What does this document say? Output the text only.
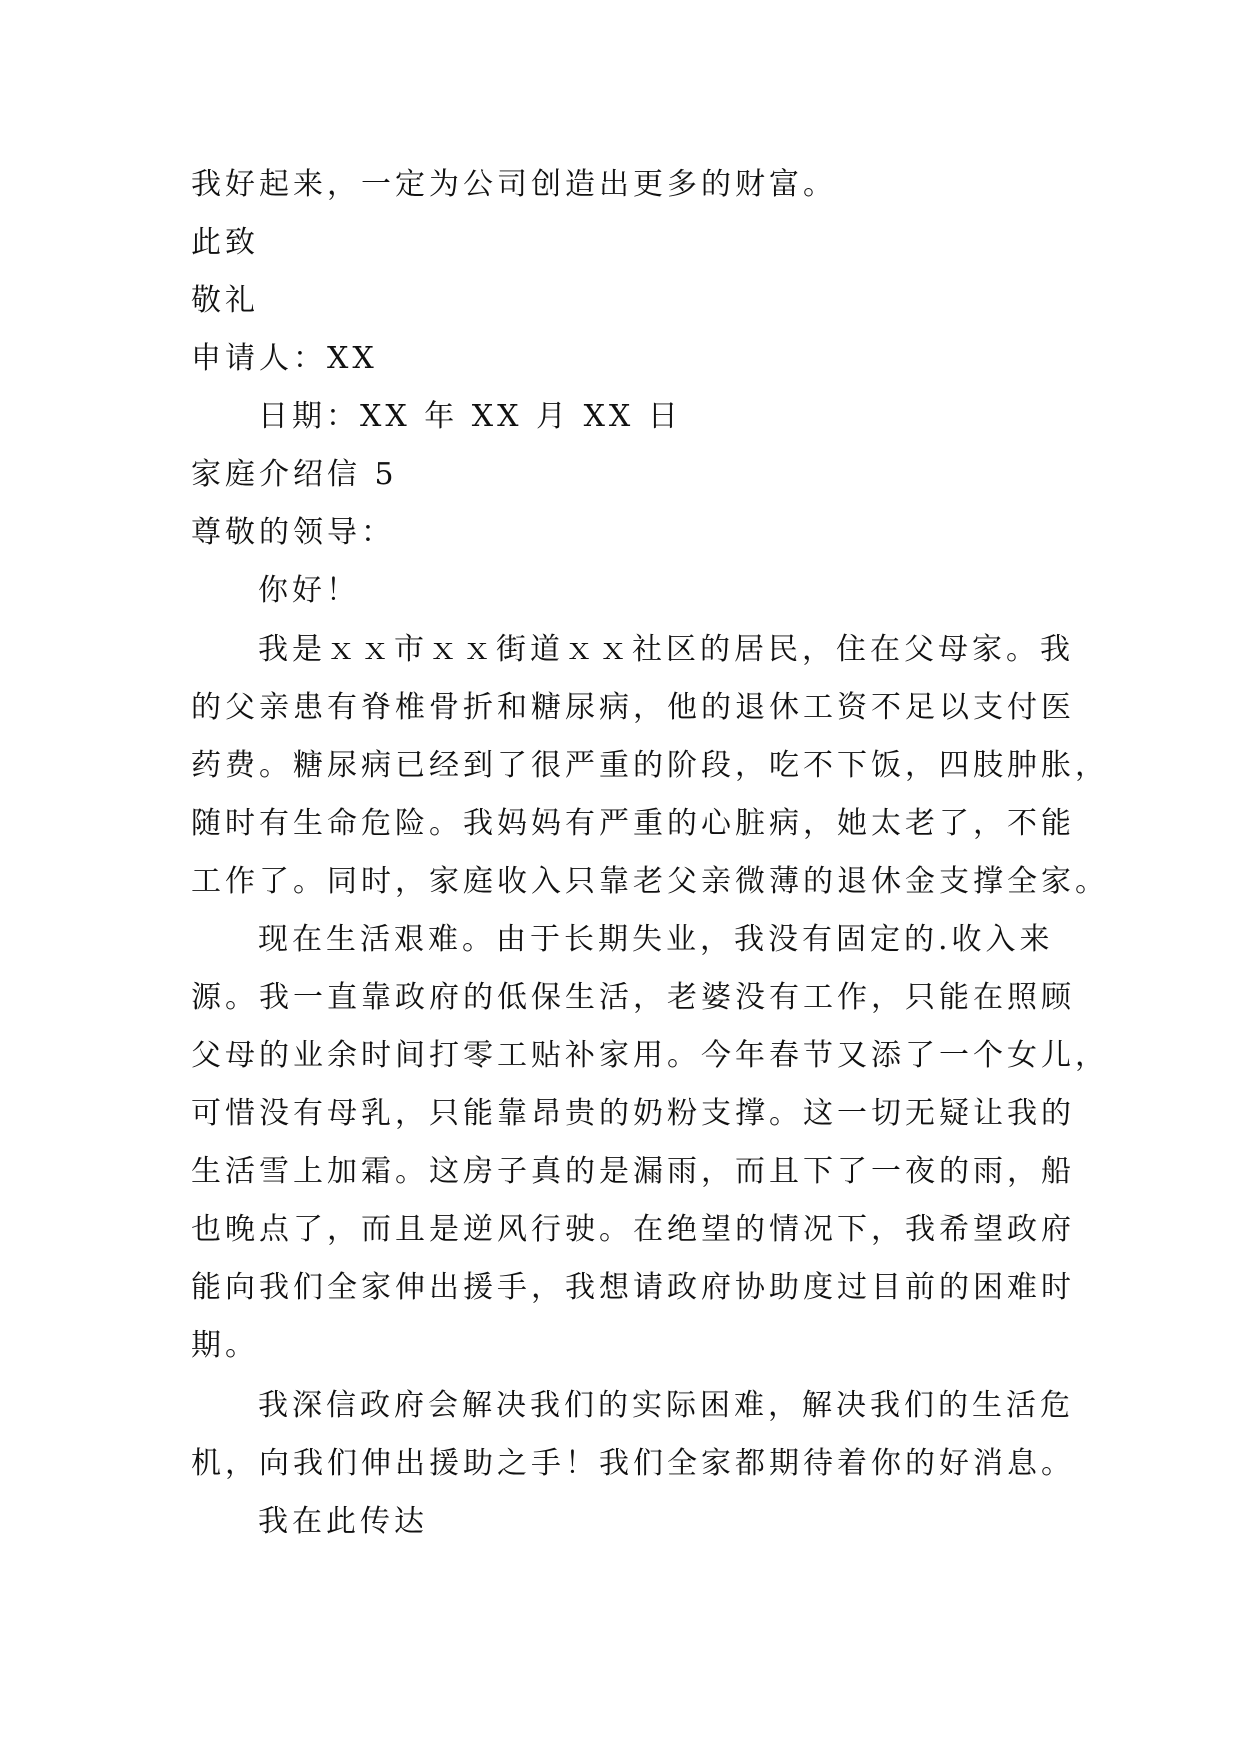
我好起来，一定为公司创造出更多的财富。
此致
敬礼
申请人：XX
日期：XX 年 XX 月 XX 日
家庭介绍信 5
尊敬的领导：
你好！
我是ｘｘ市ｘｘ街道ｘｘ社区的居民，住在父母家。我
的父亲患有脊椎骨折和糖尿病，他的退休工资不足以支付医
药费。糖尿病已经到了很严重的阶段，吃不下饭，四肢肿胀，
随时有生命危险。我妈妈有严重的心脏病，她太老了，不能
工作了。同时，家庭收入只靠老父亲微薄的退休金支撑全家。
现在生活艰难。由于长期失业，我没有固定的.收入来
源。我一直靠政府的低保生活，老婆没有工作，只能在照顾
父母的业余时间打零工贴补家用。今年春节又添了一个女儿，
可惜没有母乳，只能靠昂贵的奶粉支撑。这一切无疑让我的
生活雪上加霜。这房子真的是漏雨，而且下了一夜的雨，船
也晚点了，而且是逆风行驶。在绝望的情况下，我希望政府
能向我们全家伸出援手，我想请政府协助度过目前的困难时
期。
我深信政府会解决我们的实际困难，解决我们的生活危
机，向我们伸出援助之手！我们全家都期待着你的好消息。
我在此传达
